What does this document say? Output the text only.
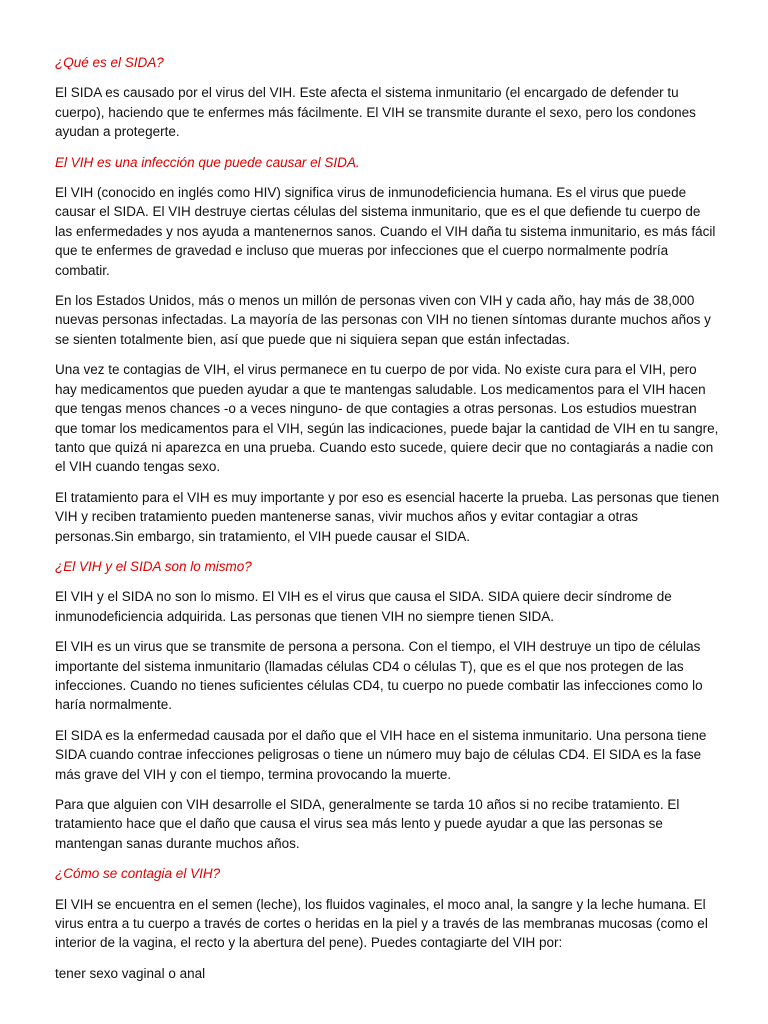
¿Qué es el SIDA?

El SIDA es causado por el virus del VIH. Este afecta el sistema inmunitario (el encargado de defender tu cuerpo), haciendo que te enfermes más fácilmente. El VIH se transmite durante el sexo, pero los condones ayudan a protegerte.

El VIH es una infección que puede causar el SIDA.

El VIH (conocido en inglés como HIV) significa virus de inmunodeficiencia humana. Es el virus que puede causar el SIDA. El VIH destruye ciertas células del sistema inmunitario, que es el que defiende tu cuerpo de las enfermedades y nos ayuda a mantenernos sanos. Cuando el VIH daña tu sistema inmunitario, es más fácil que te enfermes de gravedad e incluso que mueras por infecciones que el cuerpo normalmente podría combatir.

En los Estados Unidos, más o menos un millón de personas viven con VIH y cada año, hay más de 38,000 nuevas personas infectadas. La mayoría de las personas con VIH no tienen síntomas durante muchos años y se sienten totalmente bien, así que puede que ni siquiera sepan que están infectadas.

Una vez te contagias de VIH, el virus permanece en tu cuerpo de por vida. No existe cura para el VIH, pero hay medicamentos que pueden ayudar a que te mantengas saludable. Los medicamentos para el VIH hacen que tengas menos chances -o a veces ninguno- de que contagies a otras personas. Los estudios muestran que tomar los medicamentos para el VIH, según las indicaciones, puede bajar la cantidad de VIH en tu sangre, tanto que quizá ni aparezca en una prueba. Cuando esto sucede, quiere decir que no contagiarás a nadie con el VIH cuando tengas sexo.

El tratamiento para el VIH es muy importante y por eso es esencial hacerte la prueba. Las personas que tienen VIH y reciben tratamiento pueden mantenerse sanas, vivir muchos años y evitar contagiar a otras personas.Sin embargo, sin tratamiento, el VIH puede causar el SIDA.

¿El VIH y el SIDA son lo mismo?

El VIH y el SIDA no son lo mismo. El VIH es el virus que causa el SIDA. SIDA quiere decir síndrome de inmunodeficiencia adquirida. Las personas que tienen VIH no siempre tienen SIDA.

El VIH es un virus que se transmite de persona a persona. Con el tiempo, el VIH destruye un tipo de células importante del sistema inmunitario (llamadas células CD4 o células T), que es el que nos protegen de las infecciones. Cuando no tienes suficientes células CD4, tu cuerpo no puede combatir las infecciones como lo haría normalmente.

El SIDA es la enfermedad causada por el daño que el VIH hace en el sistema inmunitario. Una persona tiene SIDA cuando contrae infecciones peligrosas o tiene un número muy bajo de células CD4. El SIDA es la fase más grave del VIH y con el tiempo, termina provocando la muerte.

Para que alguien con VIH desarrolle el SIDA, generalmente se tarda 10 años si no recibe tratamiento. El tratamiento hace que el daño que causa el virus sea más lento y puede ayudar a que las personas se mantengan sanas durante muchos años.

¿Cómo se contagia el VIH?

El VIH se encuentra en el semen (leche), los fluidos vaginales, el moco anal, la sangre y la leche humana. El virus entra a tu cuerpo a través de cortes o heridas en la piel y a través de las membranas mucosas (como el interior de la vagina, el recto y la abertura del pene). Puedes contagiarte del VIH por:

tener sexo vaginal o anal
